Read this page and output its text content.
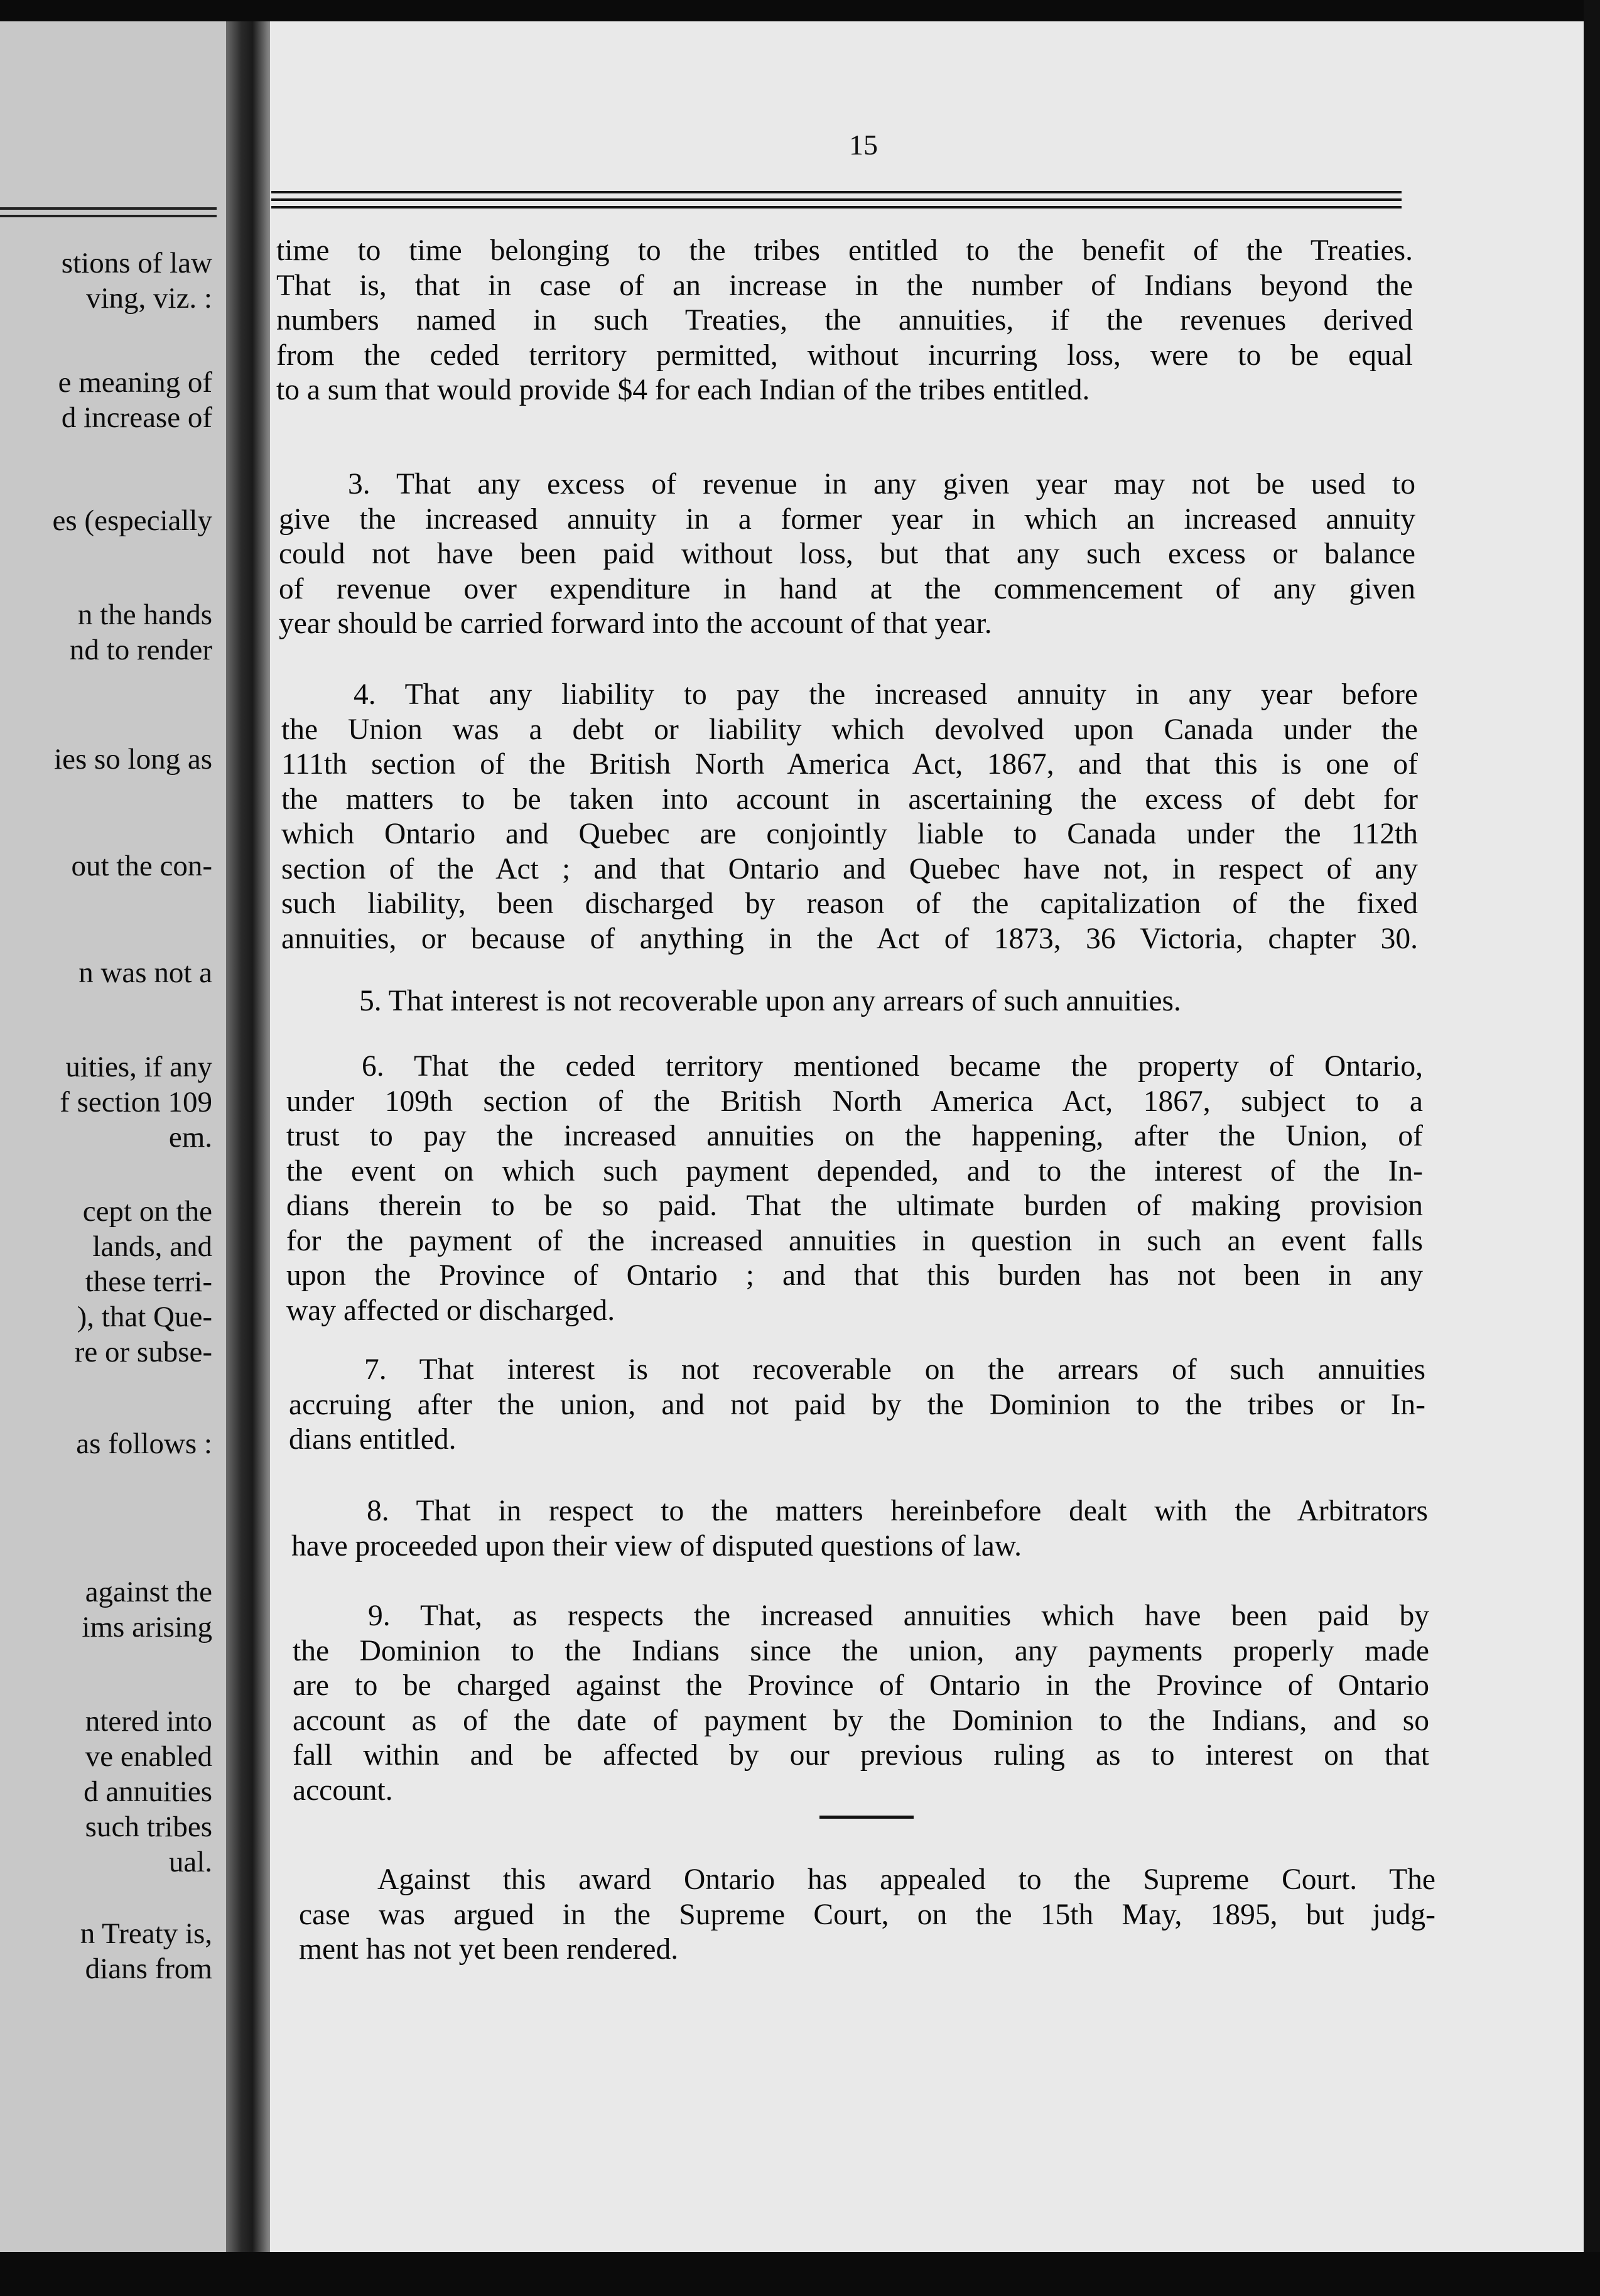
stions of law
ving, viz. :
e meaning of
d increase of
es (especially
n the hands
nd to render
ies so long as
out the con-
n was not a
uities, if any
f section 109
em.
cept on the
lands, and
these terri-
), that Que-
re or subse-
as follows :
against the
ims arising
ntered into
ve enabled
d annuities
such tribes
ual.
n Treaty is,
dians from
15
time to time belonging to the tribes entitled to the benefit of the Treaties.
That is, that in case of an increase in the number of Indians beyond the
numbers named in such Treaties, the annuities, if the revenues derived
from the ceded territory permitted, without incurring loss, were to be equal
to a sum that would provide $4 for each Indian of the tribes entitled.
3. That any excess of revenue in any given year may not be used to
give the increased annuity in a former year in which an increased annuity
could not have been paid without loss, but that any such excess or balance
of revenue over expenditure in hand at the commencement of any given
year should be carried forward into the account of that year.
4. That any liability to pay the increased annuity in any year before
the Union was a debt or liability which devolved upon Canada under the
111th section of the British North America Act, 1867, and that this is one of
the matters to be taken into account in ascertaining the excess of debt for
which Ontario and Quebec are conjointly liable to Canada under the 112th
section of the Act ; and that Ontario and Quebec have not, in respect of any
such liability, been discharged by reason of the capitalization of the fixed
annuities, or because of anything in the Act of 1873, 36 Victoria, chapter 30.
5. That interest is not recoverable upon any arrears of such annuities.
6. That the ceded territory mentioned became the property of Ontario,
under 109th section of the British North America Act, 1867, subject to a
trust to pay the increased annuities on the happening, after the Union, of
the event on which such payment depended, and to the interest of the In-
dians therein to be so paid. That the ultimate burden of making provision
for the payment of the increased annuities in question in such an event falls
upon the Province of Ontario ; and that this burden has not been in any
way affected or discharged.
7. That interest is not recoverable on the arrears of such annuities
accruing after the union, and not paid by the Dominion to the tribes or In-
dians entitled.
8. That in respect to the matters hereinbefore dealt with the Arbitrators
have proceeded upon their view of disputed questions of law.
9. That, as respects the increased annuities which have been paid by
the Dominion to the Indians since the union, any payments properly made
are to be charged against the Province of Ontario in the Province of Ontario
account as of the date of payment by the Dominion to the Indians, and so
fall within and be affected by our previous ruling as to interest on that
account.
Against this award Ontario has appealed to the Supreme Court. The
case was argued in the Supreme Court, on the 15th May, 1895, but judg-
ment has not yet been rendered.
